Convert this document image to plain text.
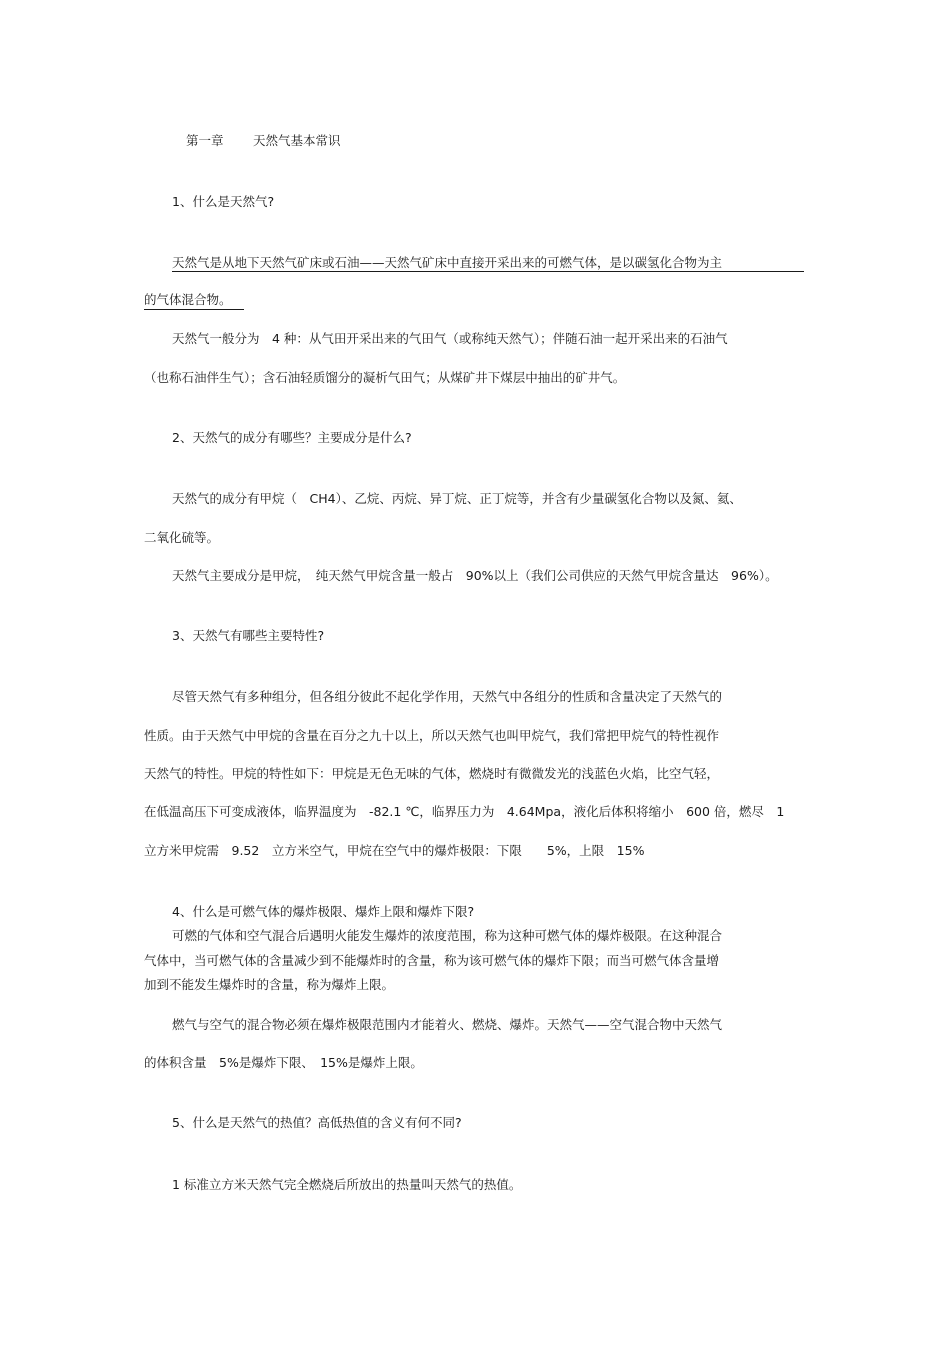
第一章 天然气基本常识
1、什么是天然气?
天然气是从地下天然气矿床或石油——天然气矿床中直接开采出来的可燃气体，是以碳氢化合物为主
的气体混合物。
天然气一般分为　4 种：从气田开采出来的气田气（或称纯天然气）；伴随石油一起开采出来的石油气
（也称石油伴生气）；含石油轻质馏分的凝析气田气；从煤矿井下煤层中抽出的矿井气。
2、天然气的成分有哪些？主要成分是什么?
天然气的成分有甲烷（　CH4）、乙烷、丙烷、异丁烷、正丁烷等，并含有少量碳氢化合物以及氮、氦、
二氧化硫等。
天然气主要成分是甲烷，　纯天然气甲烷含量一般占　90%以上（我们公司供应的天然气甲烷含量达　96%）。
3、天然气有哪些主要特性?
尽管天然气有多种组分，但各组分彼此不起化学作用，天然气中各组分的性质和含量决定了天然气的
性质。由于天然气中甲烷的含量在百分之九十以上，所以天然气也叫甲烷气，我们常把甲烷气的特性视作
天然气的特性。甲烷的特性如下：甲烷是无色无味的气体，燃烧时有微微发光的浅蓝色火焰，比空气轻，
在低温高压下可变成液体，临界温度为　-82.1 ℃，临界压力为　4.64Mpa，液化后体积将缩小　600 倍，燃尽　1
立方米甲烷需　9.52　立方米空气，甲烷在空气中的爆炸极限：下限　　5%，上限　15%
4、什么是可燃气体的爆炸极限、爆炸上限和爆炸下限?
可燃的气体和空气混合后遇明火能发生爆炸的浓度范围，称为这种可燃气体的爆炸极限。在这种混合
气体中，当可燃气体的含量减少到不能爆炸时的含量，称为该可燃气体的爆炸下限；而当可燃气体含量增
加到不能发生爆炸时的含量，称为爆炸上限。
燃气与空气的混合物必须在爆炸极限范围内才能着火、燃烧、爆炸。天然气——空气混合物中天然气
的体积含量　5%是爆炸下限、　15%是爆炸上限。
5、什么是天然气的热值？高低热值的含义有何不同?
1 标准立方米天然气完全燃烧后所放出的热量叫天然气的热值。
